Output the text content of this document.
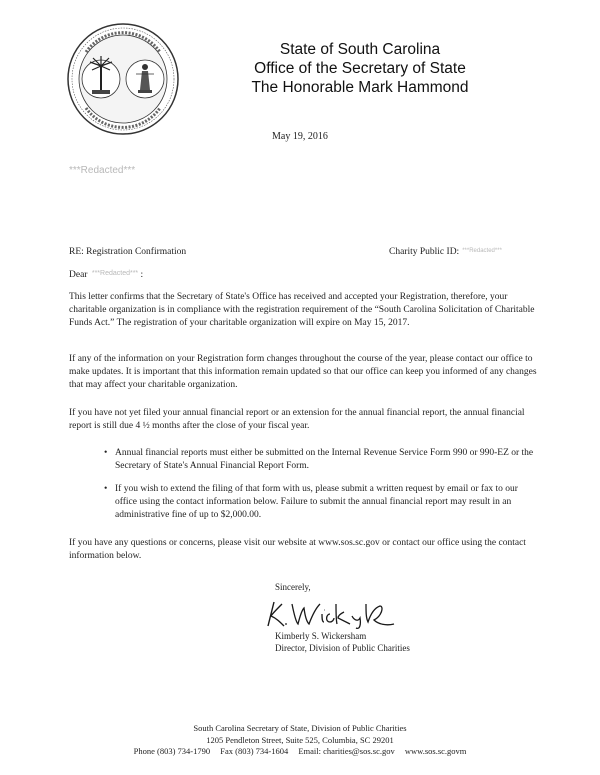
State of South Carolina
Office of the Secretary of State
The Honorable Mark Hammond
May 19, 2016
***Redacted***
RE: Registration Confirmation	Charity Public ID: $^{***Redacted***}$
Dear $^{***Redacted***}$ :
This letter confirms that the Secretary of State's Office has received and accepted your Registration, therefore, your charitable organization is in compliance with the registration requirement of the “South Carolina Solicitation of Charitable Funds Act.” The registration of your charitable organization will expire on May 15, 2017.
If any of the information on your Registration form changes throughout the course of the year, please contact our office to make updates. It is important that this information remain updated so that our office can keep you informed of any changes that may affect your charitable organization.
If you have not yet filed your annual financial report or an extension for the annual financial report, the annual financial report is still due 4 ½ months after the close of your fiscal year.
• Annual financial reports must either be submitted on the Internal Revenue Service Form 990 or 990-EZ or the Secretary of State's Annual Financial Report Form.
• If you wish to extend the filing of that form with us, please submit a written request by email or fax to our office using the contact information below. Failure to submit the annual financial report may result in an administrative fine of up to $2,000.00.
If you have any questions or concerns, please visit our website at www.sos.sc.gov or contact our office using the contact information below.
Sincerely,
Kimberly S. Wickersham
Director, Division of Public Charities
South Carolina Secretary of State, Division of Public Charities
1205 Pendleton Street, Suite 525, Columbia, SC 29201
Phone (803) 734-1790 Fax (803) 734-1604 Email: charities@sos.sc.gov www.sos.sc.govm
